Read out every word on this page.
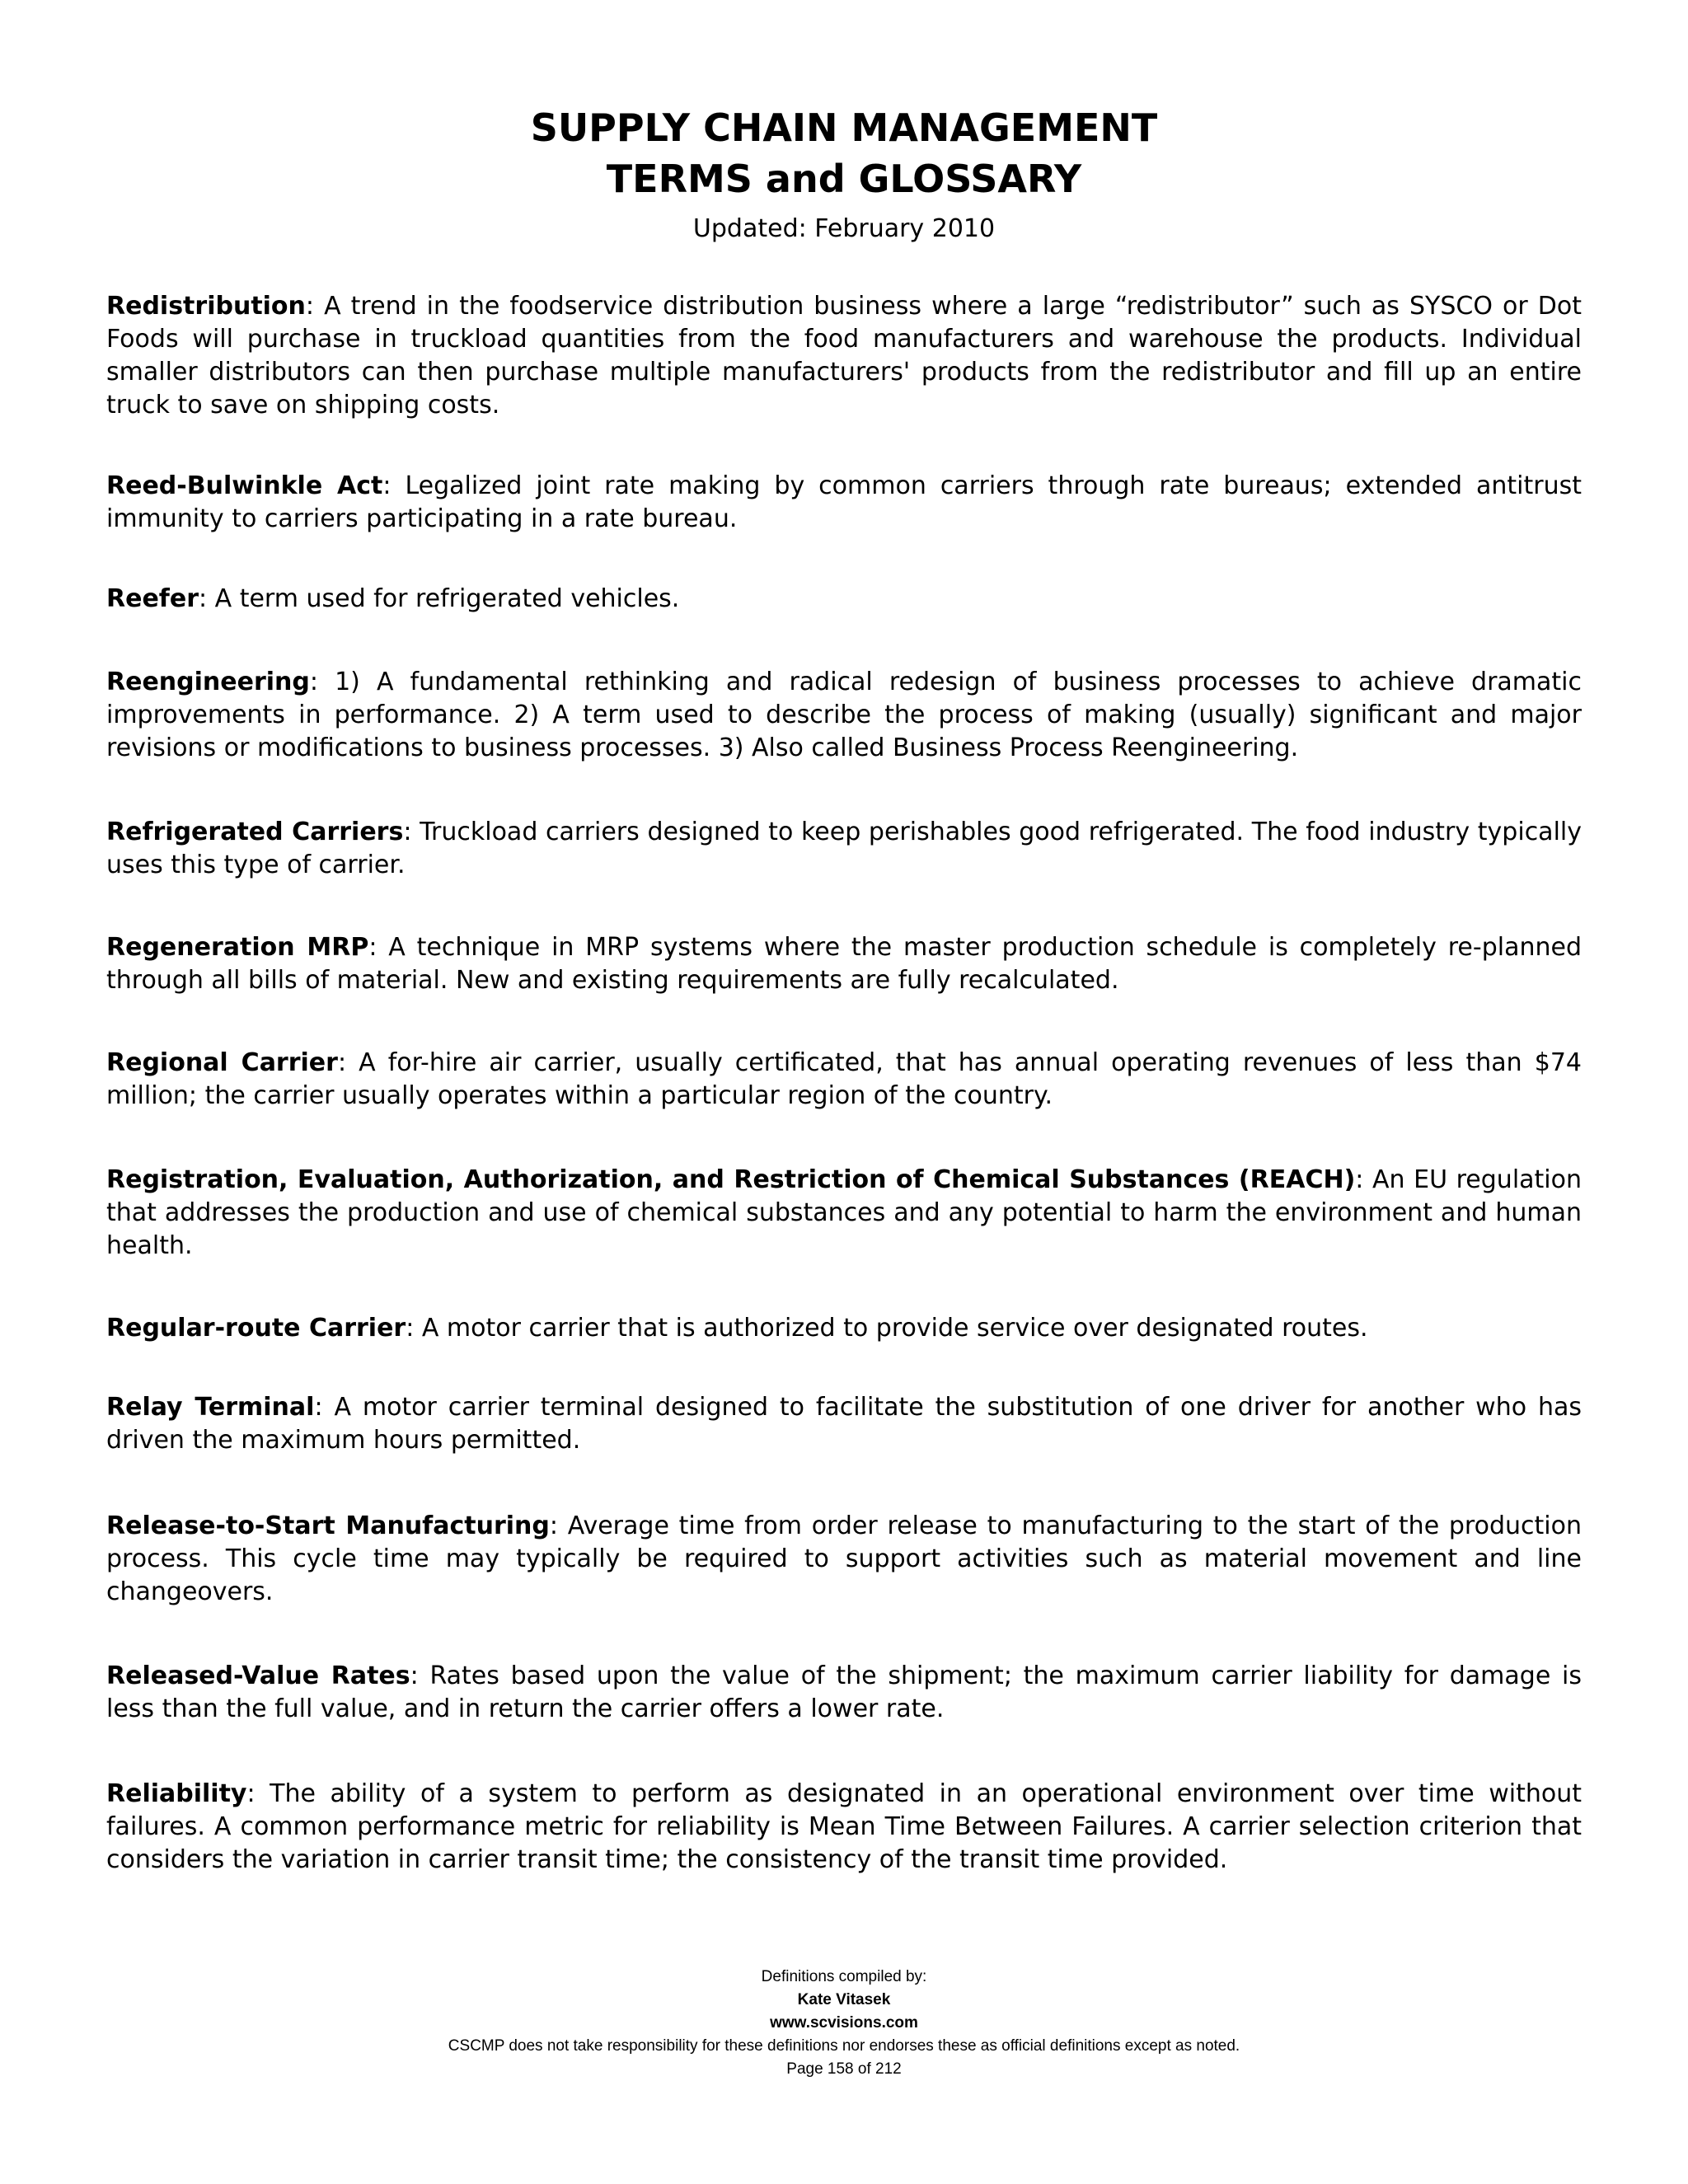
SUPPLY CHAIN MANAGEMENT
TERMS and GLOSSARY
Updated: February 2010

Redistribution: A trend in the foodservice distribution business where a large “redistributor” such as SYSCO or Dot Foods will purchase in truckload quantities from the food manufacturers and warehouse the products. Individual smaller distributors can then purchase multiple manufacturers' products from the redistributor and fill up an entire truck to save on shipping costs.

Reed-Bulwinkle Act: Legalized joint rate making by common carriers through rate bureaus; extended antitrust immunity to carriers participating in a rate bureau.

Reefer: A term used for refrigerated vehicles.

Reengineering: 1) A fundamental rethinking and radical redesign of business processes to achieve dramatic improvements in performance. 2) A term used to describe the process of making (usually) significant and major revisions or modifications to business processes. 3) Also called Business Process Reengineering.

Refrigerated Carriers: Truckload carriers designed to keep perishables good refrigerated. The food industry typically uses this type of carrier.

Regeneration MRP: A technique in MRP systems where the master production schedule is completely re-planned through all bills of material. New and existing requirements are fully recalculated.

Regional Carrier: A for-hire air carrier, usually certificated, that has annual operating revenues of less than $74 million; the carrier usually operates within a particular region of the country.

Registration, Evaluation, Authorization, and Restriction of Chemical Substances (REACH): An EU regulation that addresses the production and use of chemical substances and any potential to harm the environment and human health.

Regular-route Carrier: A motor carrier that is authorized to provide service over designated routes.

Relay Terminal: A motor carrier terminal designed to facilitate the substitution of one driver for another who has driven the maximum hours permitted.

Release-to-Start Manufacturing: Average time from order release to manufacturing to the start of the production process. This cycle time may typically be required to support activities such as material movement and line changeovers.

Released-Value Rates: Rates based upon the value of the shipment; the maximum carrier liability for damage is less than the full value, and in return the carrier offers a lower rate.

Reliability: The ability of a system to perform as designated in an operational environment over time without failures. A common performance metric for reliability is Mean Time Between Failures. A carrier selection criterion that considers the variation in carrier transit time; the consistency of the transit time provided.

Definitions compiled by:
Kate Vitasek
www.scvisions.com
CSCMP does not take responsibility for these definitions nor endorses these as official definitions except as noted.
Page 158 of 212
